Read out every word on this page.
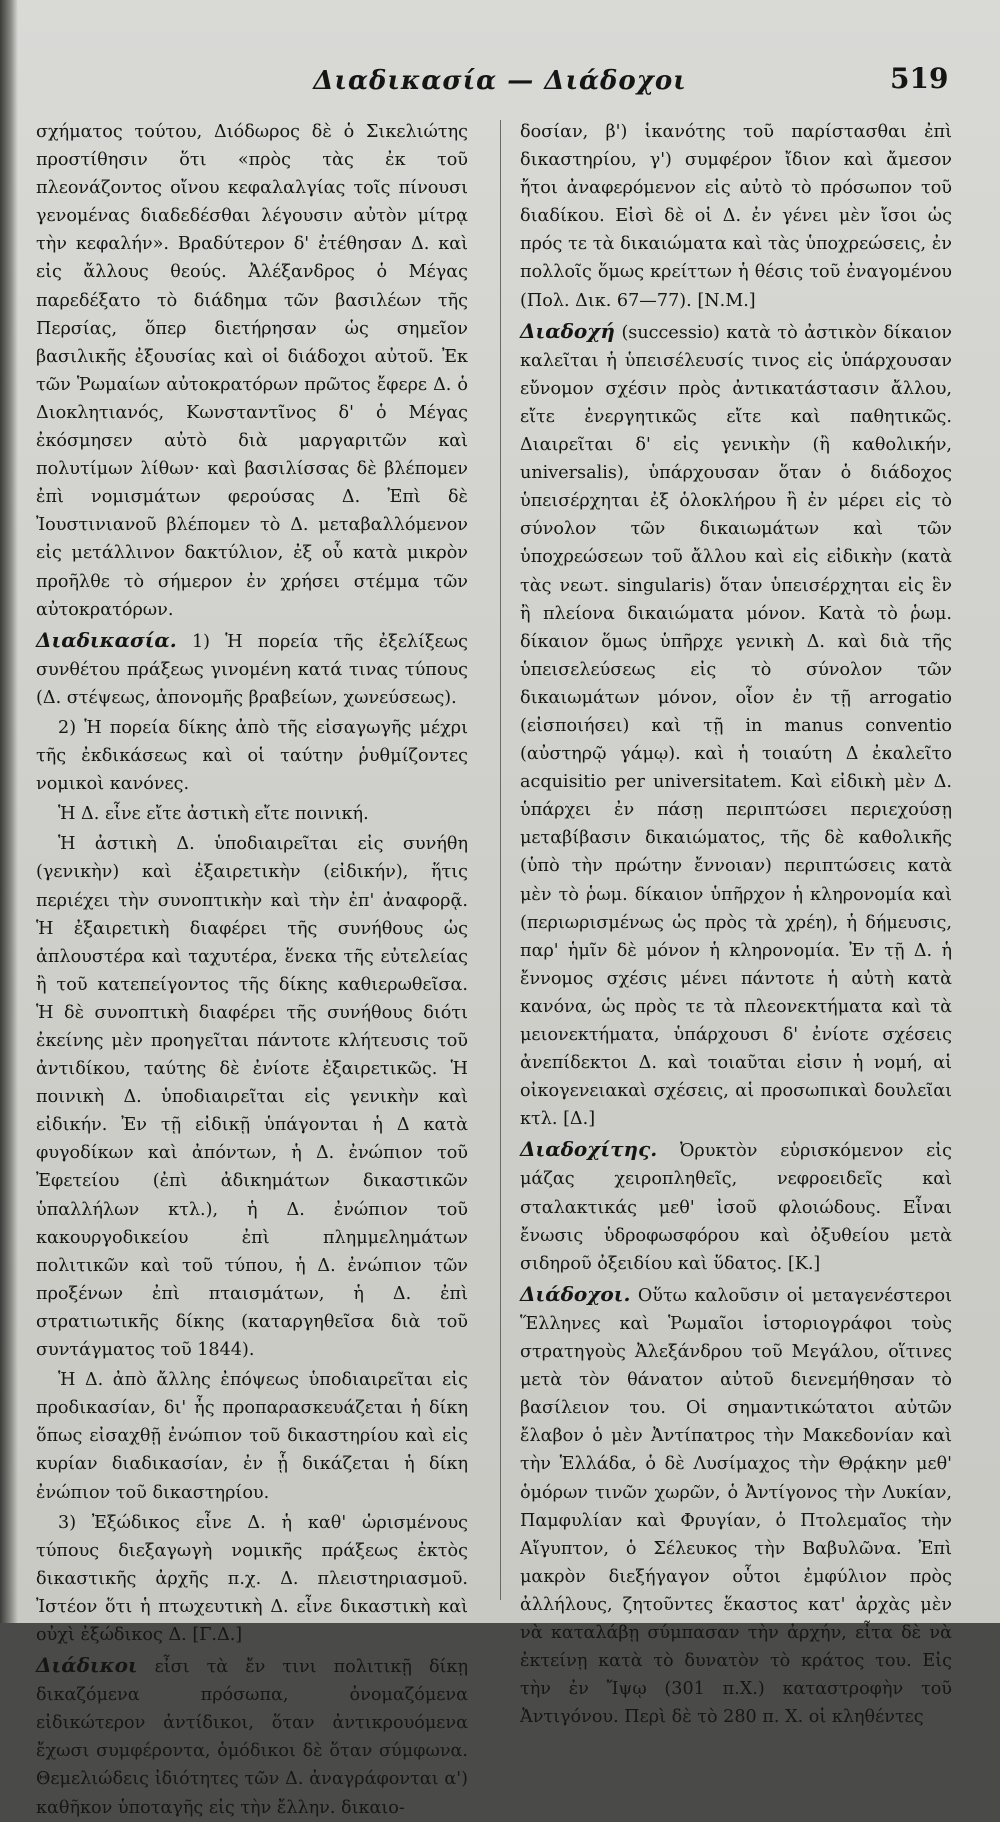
Διαδικασία — Διάδοχοι	519

σχήματος τούτου, Διόδωρος δὲ ὁ Σικελιώτης προστίθησιν ὅτι «πρὸς τὰς ἐκ τοῦ πλεονάζοντος οἴνου κεφαλαλγίας τοῖς πίνουσι γενομένας διαδεδέσθαι λέγουσιν αὐτὸν μίτρᾳ τὴν κεφαλήν». Βραδύτερον δ' ἐτέθησαν Δ. καὶ εἰς ἄλλους θεούς. Ἀλέξανδρος ὁ Μέγας παρεδέξατο τὸ διάδημα τῶν βασιλέων τῆς Περσίας, ὅπερ διετήρησαν ὡς σημεῖον βασιλικῆς ἐξουσίας καὶ οἱ διάδοχοι αὐτοῦ. Ἐκ τῶν Ῥωμαίων αὐτοκρατόρων πρῶτος ἔφερε Δ. ὁ Διοκλητιανός, Κωνσταντῖνος δ' ὁ Μέγας ἐκόσμησεν αὐτὸ διὰ μαργαριτῶν καὶ πολυτίμων λίθων· καὶ βασιλίσσας δὲ βλέπομεν ἐπὶ νομισμάτων φερούσας Δ. Ἐπὶ δὲ Ἰουστινιανοῦ βλέπομεν τὸ Δ. μεταβαλλόμενον εἰς μετάλλινον δακτύλιον, ἐξ οὗ κατὰ μικρὸν προῆλθε τὸ σήμερον ἐν χρήσει στέμμα τῶν αὐτοκρατόρων.

Διαδικασία. 1) Ἡ πορεία τῆς ἐξελίξεως συνθέτου πράξεως γινομένη κατά τινας τύπους (Δ. στέψεως, ἀπονομῆς βραβείων, χωνεύσεως).

2) Ἡ πορεία δίκης ἀπὸ τῆς εἰσαγωγῆς μέχρι τῆς ἐκδικάσεως καὶ οἱ ταύτην ῥυθμίζοντες νομικοὶ κανόνες.

Ἡ Δ. εἶνε εἴτε ἀστικὴ εἴτε ποινική.

Ἡ ἀστικὴ Δ. ὑποδιαιρεῖται εἰς συνήθη (γενικὴν) καὶ ἐξαιρετικὴν (εἰδικήν), ἥτις περιέχει τὴν συνοπτικὴν καὶ τὴν ἐπ' ἀναφορᾷ. Ἡ ἐξαιρετικὴ διαφέρει τῆς συνήθους ὡς ἁπλουστέρα καὶ ταχυτέρα, ἕνεκα τῆς εὐτελείας ἢ τοῦ κατεπείγοντος τῆς δίκης καθιερωθεῖσα. Ἡ δὲ συνοπτικὴ διαφέρει τῆς συνήθους διότι ἐκείνης μὲν προηγεῖται πάντοτε κλήτευσις τοῦ ἀντιδίκου, ταύτης δὲ ἐνίοτε ἐξαιρετικῶς. Ἡ ποινικὴ Δ. ὑποδιαιρεῖται εἰς γενικὴν καὶ εἰδικήν. Ἐν τῇ εἰδικῇ ὑπάγονται ἡ Δ κατὰ φυγοδίκων καὶ ἀπόντων, ἡ Δ. ἐνώπιον τοῦ Ἐφετείου (ἐπὶ ἀδικημάτων δικαστικῶν ὑπαλλήλων κτλ.), ἡ Δ. ἐνώπιον τοῦ κακουργοδικείου ἐπὶ πλημμελημάτων πολιτικῶν καὶ τοῦ τύπου, ἡ Δ. ἐνώπιον τῶν προξένων ἐπὶ πταισμάτων, ἡ Δ. ἐπὶ στρατιωτικῆς δίκης (καταργηθεῖσα διὰ τοῦ συντάγματος τοῦ 1844).

Ἡ Δ. ἀπὸ ἄλλης ἐπόψεως ὑποδιαιρεῖται εἰς προδικασίαν, δι' ἧς προπαρασκευάζεται ἡ δίκη ὅπως εἰσαχθῇ ἐνώπιον τοῦ δικαστηρίου καὶ εἰς κυρίαν διαδικασίαν, ἐν ᾗ δικάζεται ἡ δίκη ἐνώπιον τοῦ δικαστηρίου.

3) Ἐξώδικος εἶνε Δ. ἡ καθ' ὡρισμένους τύπους διεξαγωγὴ νομικῆς πράξεως ἐκτὸς δικαστικῆς ἀρχῆς π.χ. Δ. πλειστηριασμοῦ. Ἰστέον ὅτι ἡ πτωχευτικὴ Δ. εἶνε δικαστικὴ καὶ οὐχὶ ἐξώδικος Δ. [Γ.Δ.]

Διάδικοι εἶσι τὰ ἔν τινι πολιτικῇ δίκῃ δικαζόμενα πρόσωπα, ὀνομαζόμενα εἰδικώτερον ἀντίδικοι, ὅταν ἀντικρουόμενα ἔχωσι συμφέροντα, ὁμόδικοι δὲ ὅταν σύμφωνα. Θεμελιώδεις ἰδιότητες τῶν Δ. ἀναγράφονται α') καθῆκον ὑποταγῆς εἰς τὴν ἔλλην. δικαιο-

δοσίαν, β') ἱκανότης τοῦ παρίστασθαι ἐπὶ δικαστηρίου, γ') συμφέρον ἴδιον καὶ ἄμεσον ἤτοι ἀναφερόμενον εἰς αὐτὸ τὸ πρόσωπον τοῦ διαδίκου. Εἰσὶ δὲ οἱ Δ. ἐν γένει μὲν ἴσοι ὡς πρός τε τὰ δικαιώματα καὶ τὰς ὑποχρεώσεις, ἐν πολλοῖς ὅμως κρείττων ἡ θέσις τοῦ ἐναγομένου (Πολ. Δικ. 67—77). [Ν.Μ.]

Διαδοχή (successio) κατὰ τὸ ἀστικὸν δίκαιον καλεῖται ἡ ὑπεισέλευσίς τινος εἰς ὑπάρχουσαν εὔνομον σχέσιν πρὸς ἀντικατάστασιν ἄλλου, εἴτε ἐνεργητικῶς εἴτε καὶ παθητικῶς. Διαιρεῖται δ' εἰς γενικὴν (ἢ καθολικήν, universalis), ὑπάρχουσαν ὅταν ὁ διάδοχος ὑπεισέρχηται ἐξ ὁλοκλήρου ἢ ἐν μέρει εἰς τὸ σύνολον τῶν δικαιωμάτων καὶ τῶν ὑποχρεώσεων τοῦ ἄλλου καὶ εἰς εἰδικὴν (κατὰ τὰς νεωτ. singularis) ὅταν ὑπεισέρχηται εἰς ἓν ἢ πλείονα δικαιώματα μόνον. Κατὰ τὸ ῥωμ. δίκαιον ὅμως ὑπῆρχε γενικὴ Δ. καὶ διὰ τῆς ὑπεισελεύσεως εἰς τὸ σύνολον τῶν δικαιωμάτων μόνον, οἷον ἐν τῇ arrogatio (εἰσποιήσει) καὶ τῇ in manus conventio (αὐστηρῷ γάμῳ). καὶ ἡ τοιαύτη Δ ἐκαλεῖτο acquisitio per universitatem. Καὶ εἰδικὴ μὲν Δ. ὑπάρχει ἐν πάσῃ περιπτώσει περιεχούσῃ μεταβίβασιν δικαιώματος, τῆς δὲ καθολικῆς (ὑπὸ τὴν πρώτην ἔννοιαν) περιπτώσεις κατὰ μὲν τὸ ῥωμ. δίκαιον ὑπῆρχον ἡ κληρονομία καὶ (περιωρισμένως ὡς πρὸς τὰ χρέη), ἡ δήμευσις, παρ' ἡμῖν δὲ μόνον ἡ κληρονομία. Ἐν τῇ Δ. ἡ ἔννομος σχέσις μένει πάντοτε ἡ αὐτὴ κατὰ κανόνα, ὡς πρὸς τε τὰ πλεονεκτήματα καὶ τὰ μειονεκτήματα, ὑπάρχουσι δ' ἐνίοτε σχέσεις ἀνεπίδεκτοι Δ. καὶ τοιαῦται εἰσιν ἡ νομή, αἱ οἰκογενειακαὶ σχέσεις, αἱ προσωπικαὶ δουλεῖαι κτλ. [Δ.]

Διαδοχίτης. Ὀρυκτὸν εὑρισκόμενον εἰς μάζας χειροπληθεῖς, νεφροειδεῖς καὶ σταλακτικάς μεθ' ἰσοῦ φλοιώδους. Εἶναι ἔνωσις ὑδροφωσφόρου καὶ ὀξυθείου μετὰ σιδηροῦ ὀξειδίου καὶ ὕδατος. [Κ.]

Διάδοχοι. Οὕτω καλοῦσιν οἱ μεταγενέστεροι Ἕλληνες καὶ Ῥωμαῖοι ἱστοριογράφοι τοὺς στρατηγοὺς Ἀλεξάνδρου τοῦ Μεγάλου, οἵτινες μετὰ τὸν θάνατον αὐτοῦ διενεμήθησαν τὸ βασίλειον του. Οἱ σημαντικώτατοι αὐτῶν ἔλαβον ὁ μὲν Ἀντίπατρος τὴν Μακεδονίαν καὶ τὴν Ἑλλάδα, ὁ δὲ Λυσίμαχος τὴν Θρᾴκην μεθ' ὁμόρων τινῶν χωρῶν, ὁ Ἀντίγονος τὴν Λυκίαν, Παμφυλίαν καὶ Φρυγίαν, ὁ Πτολεμαῖος τὴν Αἴγυπτον, ὁ Σέλευκος τὴν Βαβυλῶνα. Ἐπὶ μακρὸν διεξήγαγον οὗτοι ἐμφύλιον πρὸς ἀλλήλους, ζητοῦντες ἕκαστος κατ' ἀρχὰς μὲν νὰ καταλάβῃ σύμπασαν τὴν ἀρχήν, εἶτα δὲ νὰ ἐκτείνῃ κατὰ τὸ δυνατὸν τὸ κράτος του. Εἰς τὴν ἐν Ἴψῳ (301 π.Χ.) καταστροφὴν τοῦ Ἀντιγόνου. Περὶ δὲ τὸ 280 π. Χ. οἱ κληθέντες
